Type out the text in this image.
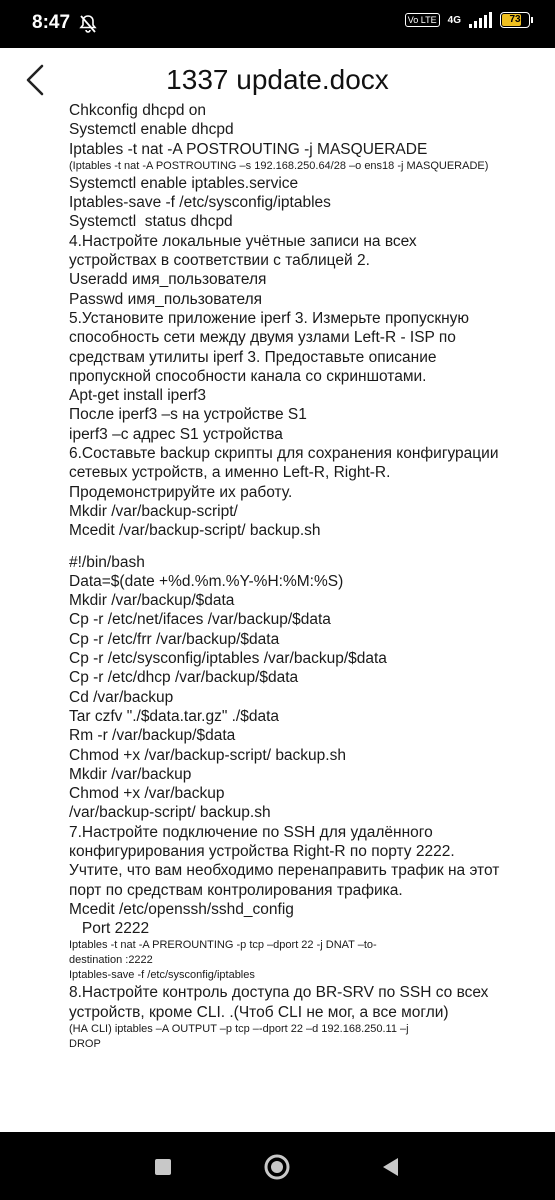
8:47	Vo LTE	4G	73
1337 update.docx
Chkconfig dhcpd on
Systemctl enable dhcpd
Iptables -t nat -A POSTROUTING -j MASQUERADE
(Iptables -t nat -A POSTROUTING –s 192.168.250.64/28 –o ens18 -j MASQUERADE)
Systemctl enable iptables.service
Iptables-save -f /etc/sysconfig/iptables
Systemctl  status dhcpd
4.Настройте локальные учётные записи на всех
устройствах в соответствии с таблицей 2.
Useradd имя_пользователя
Passwd имя_пользователя
5.Установите приложение iperf 3. Измерьте пропускную
способность сети между двумя узлами Left-R - ISP по
средствам утилиты iperf 3. Предоставьте описание
пропускной способности канала со скриншотами.
Apt-get install iperf3
После iperf3 –s на устройстве S1
iperf3 –c адрес S1 устройства
6.Составьте backup скрипты для сохранения конфигурации
сетевых устройств, а именно Left-R, Right-R.
Продемонстрируйте их работу.
Mkdir /var/backup-script/
Mcedit /var/backup-script/ backup.sh
#!/bin/bash
Data=$(date +%d.%m.%Y-%H:%M:%S)
Mkdir /var/backup/$data
Cp -r /etc/net/ifaces /var/backup/$data
Cp -r /etc/frr /var/backup/$data
Cp -r /etc/sysconfig/iptables /var/backup/$data
Cp -r /etc/dhcp /var/backup/$data
Cd /var/backup
Tar czfv "./$data.tar.gz" ./$data
Rm -r /var/backup/$data
Chmod +x /var/backup-script/ backup.sh
Mkdir /var/backup
Chmod +x /var/backup
/var/backup-script/ backup.sh
7.Настройте подключение по SSH для удалённого
конфигурирования устройства Right-R по порту 2222.
Учтите, что вам необходимо перенаправить трафик на этот
порт по средствам контролирования трафика.
Mcedit /etc/openssh/sshd_config
Port 2222
Iptables -t nat -A PREROUNTING -p tcp –dport 22 -j DNAT –to-
destination :2222
Iptables-save -f /etc/sysconfig/iptables
8.Настройте контроль доступа до BR-SRV по SSH со всех
устройств, кроме CLI. .(Чтоб CLI не мог, а все могли)
(НА CLI) iptables –A OUTPUT –p tcp –-dport 22 –d 192.168.250.11 –j
DROP
